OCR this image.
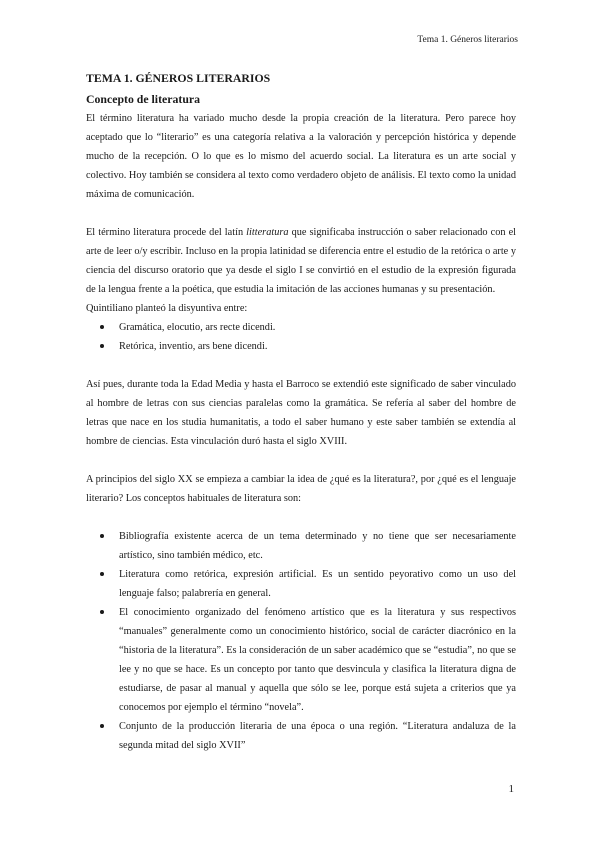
Tema 1. Géneros literarios
TEMA 1. GÉNEROS LITERARIOS
Concepto de literatura

El término literatura ha variado mucho desde la propia creación de la literatura. Pero parece hoy aceptado que lo “literario” es una categoría relativa a la valoración y percepción histórica y depende mucho de la recepción. O lo que es lo mismo del acuerdo social. La literatura es un arte social y colectivo. Hoy también se considera al texto como verdadero objeto de análisis. El texto como la unidad máxima de comunicación.

El término literatura procede del latín litteratura que significaba instrucción o saber relacionado con el arte de leer o/y escribir. Incluso en la propia latinidad se diferencia entre el estudio de la retórica o arte y ciencia del discurso oratorio que ya desde el siglo I se convirtió en el estudio de la expresión figurada de la lengua frente a la poética, que estudia la imitación de las acciones humanas y su presentación.

Quintiliano planteó la disyuntiva entre:

Gramática, elocutio, ars recte dicendi.
Retórica, inventio, ars bene dicendi.

Así pues, durante toda la Edad Media y hasta el Barroco se extendió este significado de saber vinculado al hombre de letras con sus ciencias paralelas como la gramática. Se refería al saber del hombre de letras que nace en los studia humanitatis, a todo el saber humano y este saber también se extendía al hombre de ciencias. Esta vinculación duró hasta el siglo XVIII.

A principios del siglo XX se empieza a cambiar la idea de ¿qué es la literatura?, por ¿qué es el lenguaje literario? Los conceptos habituales de literatura son:

Bibliografía existente acerca de un tema determinado y no tiene que ser necesariamente artístico, sino también médico, etc.
Literatura como retórica, expresión artificial. Es un sentido peyorativo como un uso del lenguaje falso; palabrería en general.
El conocimiento organizado del fenómeno artístico que es la literatura y sus respectivos “manuales” generalmente como un conocimiento histórico, social de carácter diacrónico en la “historia de la literatura”. Es la consideración de un saber académico que se “estudia”, no que se lee y no que se hace. Es un concepto por tanto que desvincula y clasifica la literatura digna de estudiarse, de pasar al manual y aquella que sólo se lee, porque está sujeta a criterios que ya conocemos por ejemplo el término “novela”.
Conjunto de la producción literaria de una época o una región. “Literatura andaluza de la segunda mitad del siglo XVII”
1
